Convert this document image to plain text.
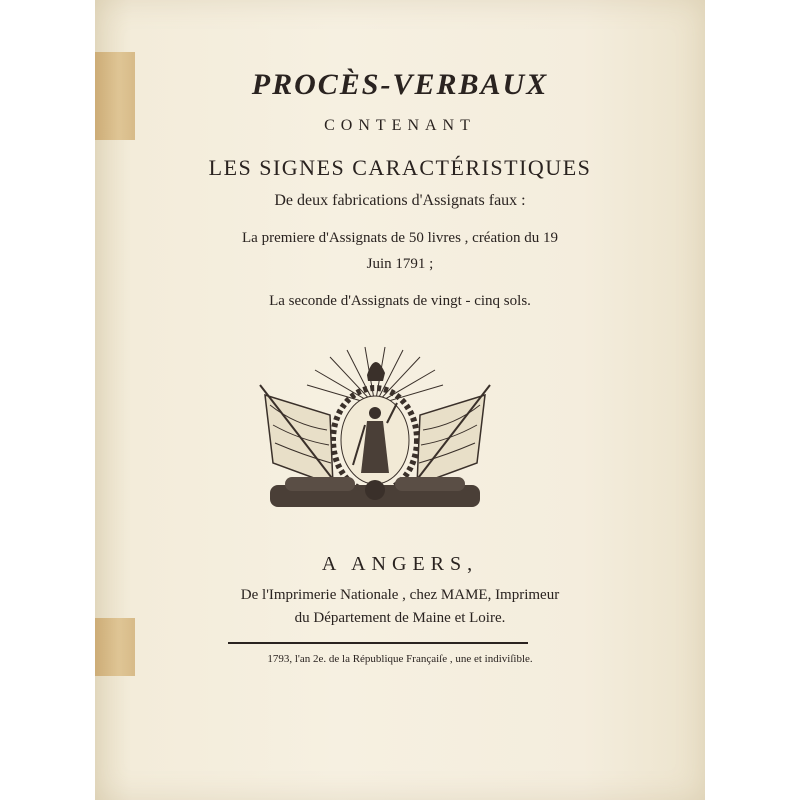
PROCÈS-VERBAUX
CONTENANT
LES SIGNES CARACTÉRISTIQUES
De deux fabrications d'Assignats faux :
La premiere d'Assignats de 50 livres , création du 19
Juin 1791 ;
La seconde d'Assignats de vingt - cinq sols.
A ANGERS,
De l'Imprimerie Nationale , chez MAME, Imprimeur
du Département de Maine et Loire.
1793, l'an 2e. de la République Françaiſe , une et indiviſible.
